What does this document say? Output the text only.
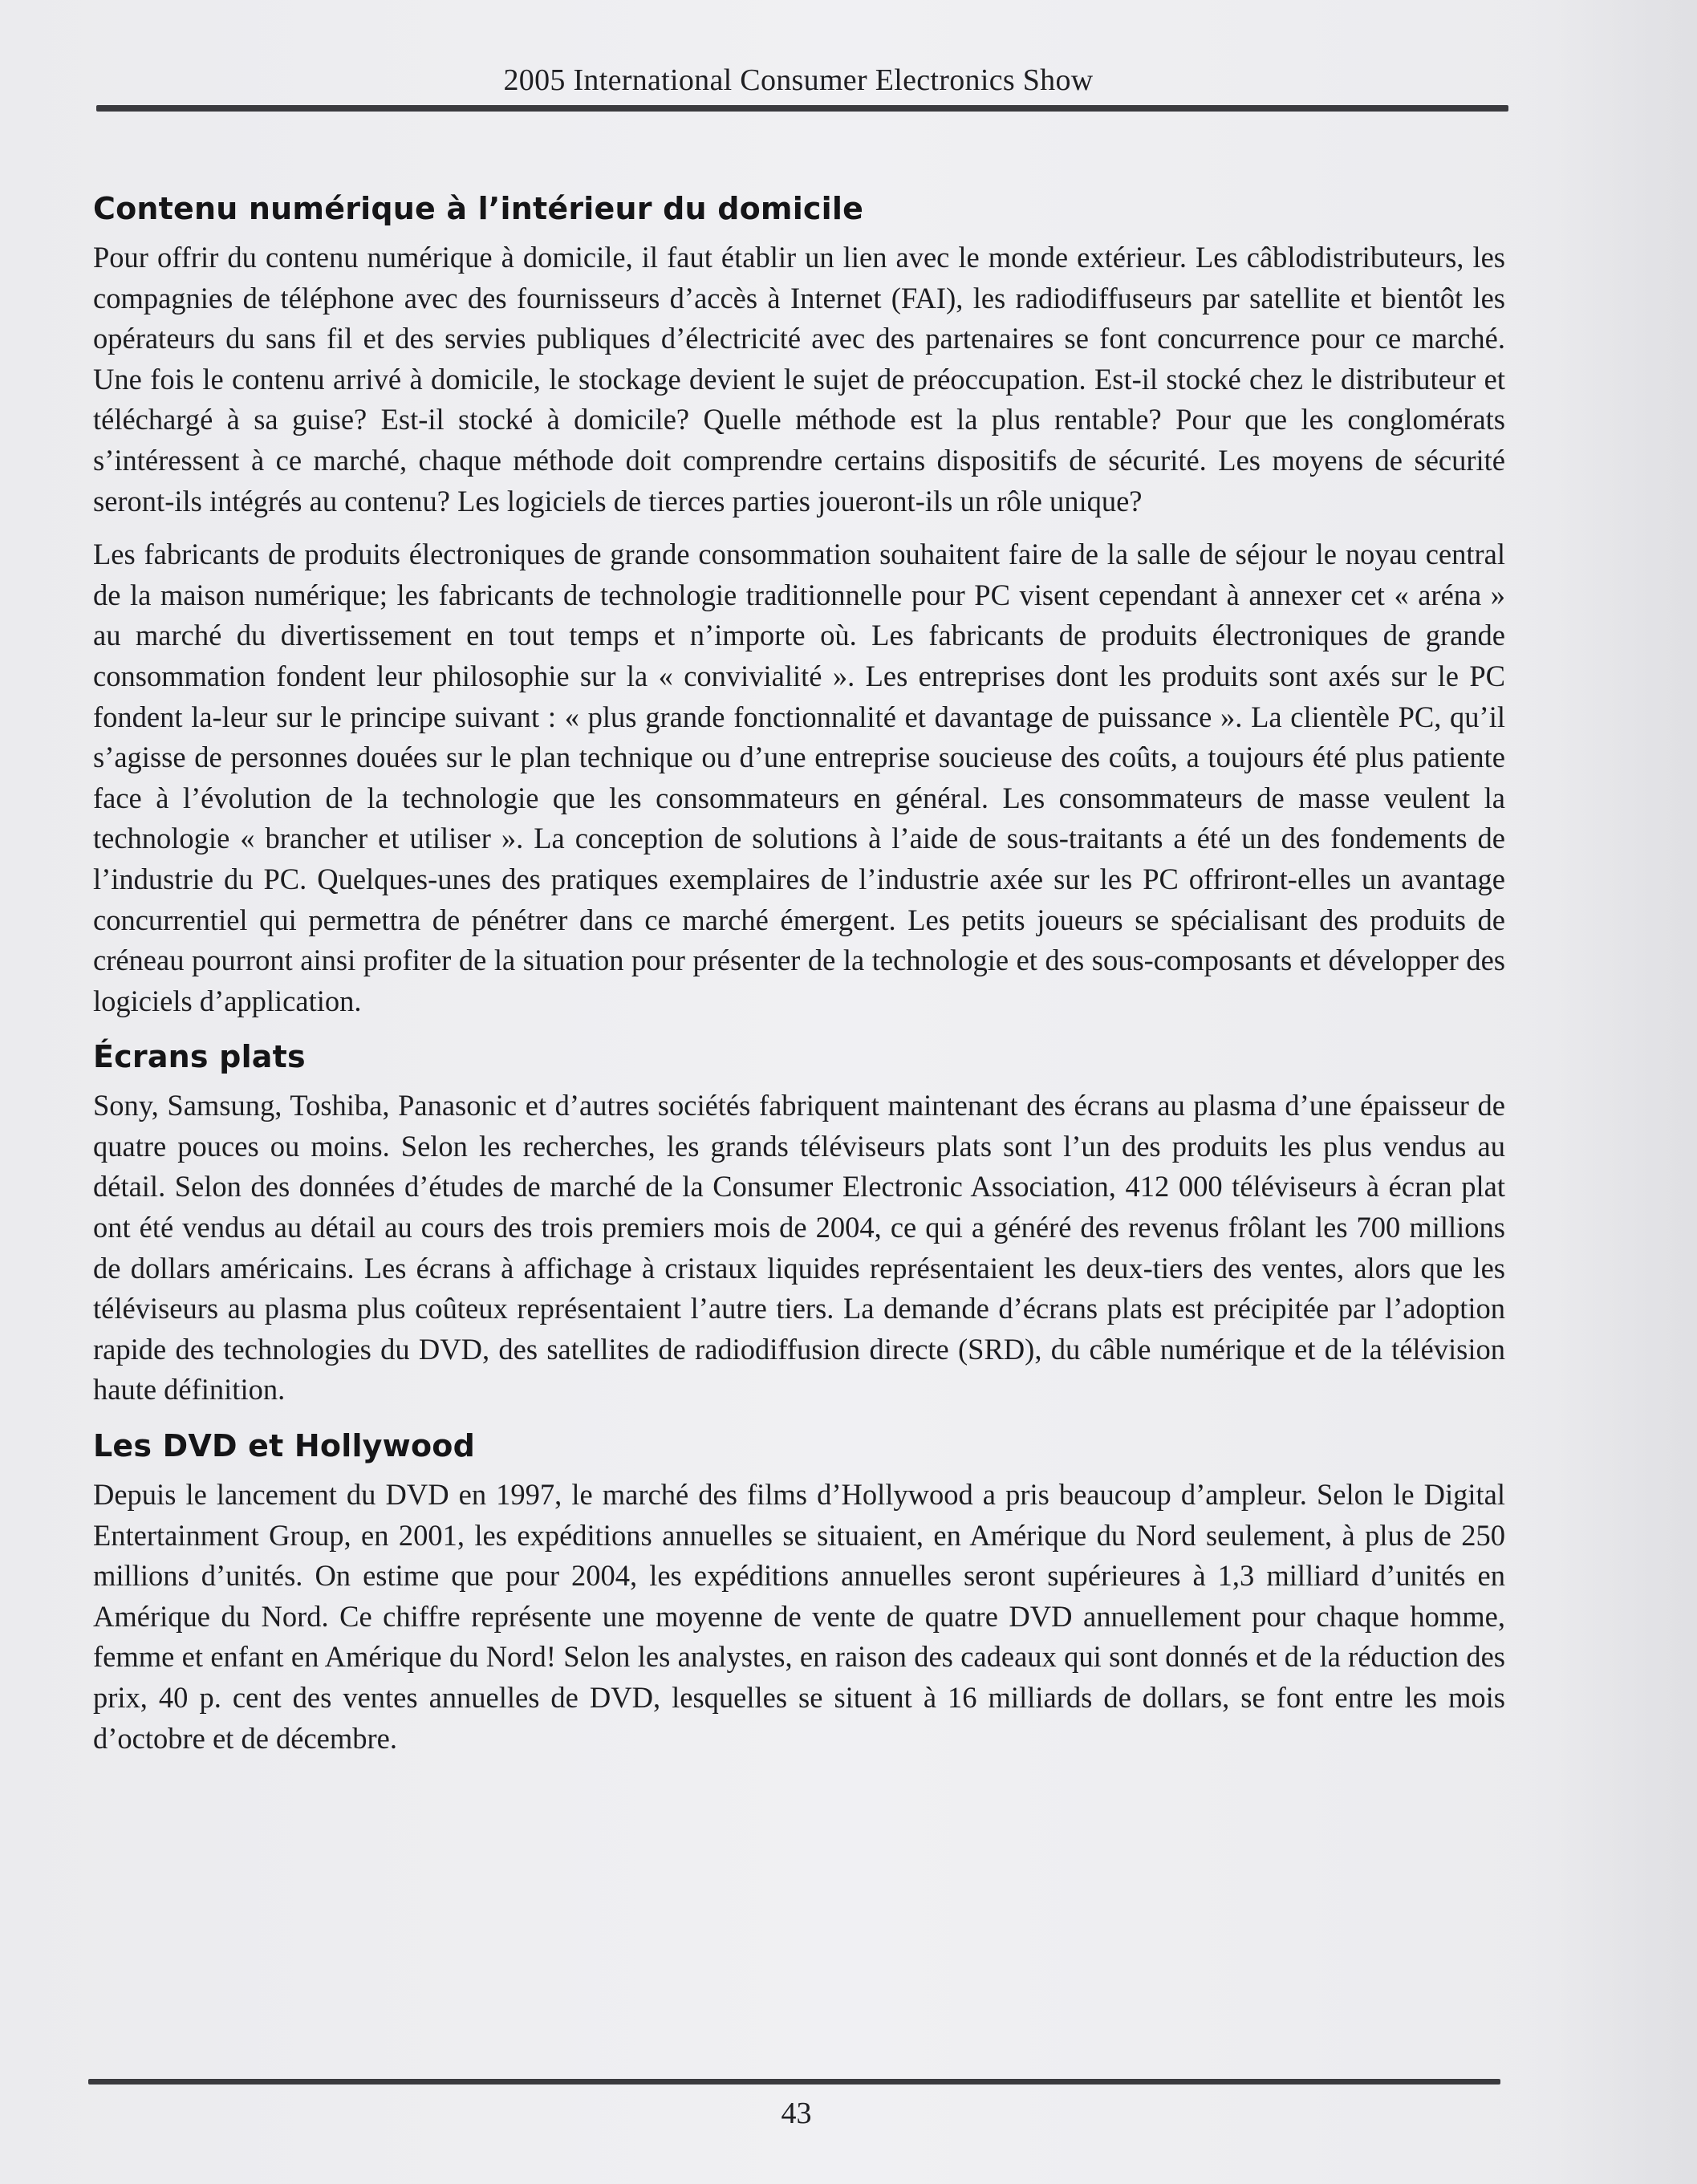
2005 International Consumer Electronics Show
Contenu numérique à l’intérieur du domicile

Pour offrir du contenu numérique à domicile, il faut établir un lien avec le monde extérieur. Les câblodistributeurs, les compagnies de téléphone avec des fournisseurs d’accès à Internet (FAI), les radiodiffuseurs par satellite et bientôt les opérateurs du sans fil et des servies publiques d’électricité avec des partenaires se font concurrence pour ce marché. Une fois le contenu arrivé à domicile, le stockage devient le sujet de préoccupation. Est-il stocké chez le distributeur et téléchargé à sa guise? Est-il stocké à domicile? Quelle méthode est la plus rentable? Pour que les conglomérats s’intéressent à ce marché, chaque méthode doit comprendre certains dispositifs de sécurité. Les moyens de sécurité seront-ils intégrés au contenu? Les logiciels de tierces parties joueront-ils un rôle unique?

Les fabricants de produits électroniques de grande consommation souhaitent faire de la salle de séjour le noyau central de la maison numérique; les fabricants de technologie traditionnelle pour PC visent cependant à annexer cet « aréna » au marché du divertissement en tout temps et n’importe où. Les fabricants de produits électroniques de grande consommation fondent leur philosophie sur la « convivialité ». Les entreprises dont les produits sont axés sur le PC fondent la-leur sur le principe suivant : « plus grande fonctionnalité et davantage de puissance ». La clientèle PC, qu’il s’agisse de personnes douées sur le plan technique ou d’une entreprise soucieuse des coûts, a toujours été plus patiente face à l’évolution de la technologie que les consommateurs en général. Les consommateurs de masse veulent la technologie « brancher et utiliser ». La conception de solutions à l’aide de sous-traitants a été un des fondements de l’industrie du PC. Quelques-unes des pratiques exemplaires de l’industrie axée sur les PC offriront-elles un avantage concurrentiel qui permettra de pénétrer dans ce marché émergent. Les petits joueurs se spécialisant des produits de créneau pourront ainsi profiter de la situation pour présenter de la technologie et des sous-composants et développer des logiciels d’application.

Écrans plats

Sony, Samsung, Toshiba, Panasonic et d’autres sociétés fabriquent maintenant des écrans au plasma d’une épaisseur de quatre pouces ou moins. Selon les recherches, les grands téléviseurs plats sont l’un des produits les plus vendus au détail. Selon des données d’études de marché de la Consumer Electronic Association, 412 000 téléviseurs à écran plat ont été vendus au détail au cours des trois premiers mois de 2004, ce qui a généré des revenus frôlant les 700 millions de dollars américains. Les écrans à affichage à cristaux liquides représentaient les deux-tiers des ventes, alors que les téléviseurs au plasma plus coûteux représentaient l’autre tiers. La demande d’écrans plats est précipitée par l’adoption rapide des technologies du DVD, des satellites de radiodiffusion directe (SRD), du câble numérique et de la télévision haute définition.

Les DVD et Hollywood

Depuis le lancement du DVD en 1997, le marché des films d’Hollywood a pris beaucoup d’ampleur. Selon le Digital Entertainment Group, en 2001, les expéditions annuelles se situaient, en Amérique du Nord seulement, à plus de 250 millions d’unités. On estime que pour 2004, les expéditions annuelles seront supérieures à 1,3 milliard d’unités en Amérique du Nord. Ce chiffre représente une moyenne de vente de quatre DVD annuellement pour chaque homme, femme et enfant en Amérique du Nord! Selon les analystes, en raison des cadeaux qui sont donnés et de la réduction des prix, 40 p. cent des ventes annuelles de DVD, lesquelles se situent à 16 milliards de dollars, se font entre les mois d’octobre et de décembre.

43
